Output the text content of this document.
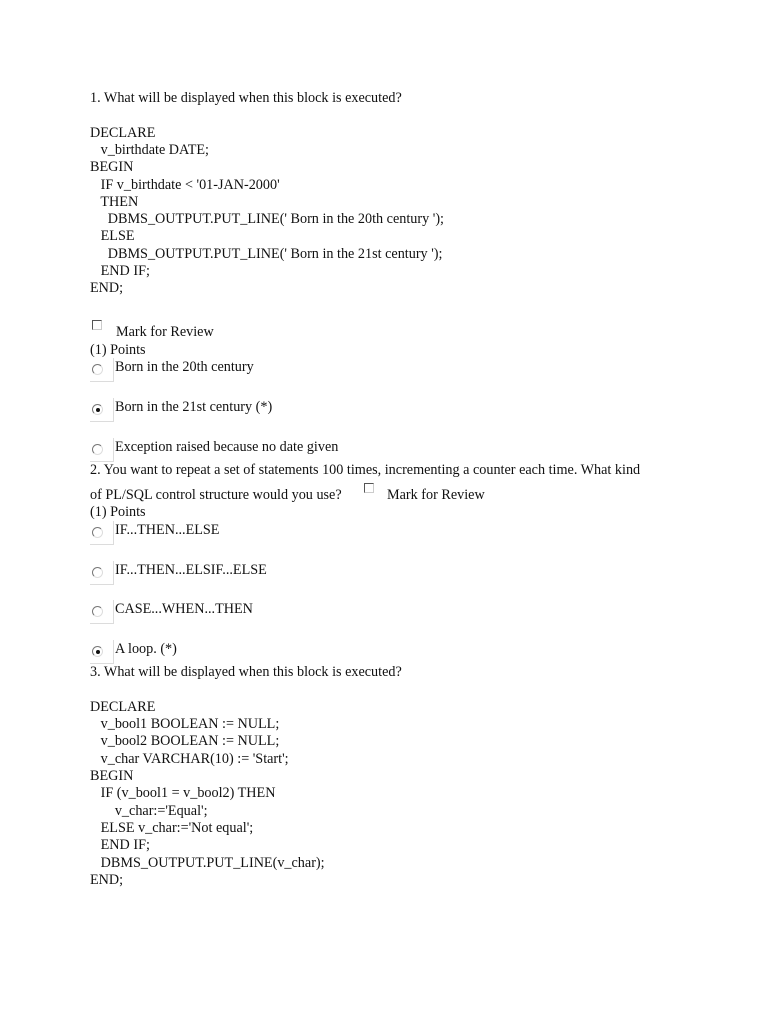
1. What will be displayed when this block is executed?
DECLARE
v_birthdate DATE;
BEGIN
IF v_birthdate < '01-JAN-2000'
THEN
DBMS_OUTPUT.PUT_LINE(' Born in the 20th century ');
ELSE
DBMS_OUTPUT.PUT_LINE(' Born in the 21st century ');
END IF;
END;
Mark for Review
(1) Points
Born in the 20th century
Born in the 21st century (*)
Exception raised because no date given
2. You want to repeat a set of statements 100 times, incrementing a counter each time. What kind
of PL/SQL control structure would you use?	Mark for Review
(1) Points
IF...THEN...ELSE
IF...THEN...ELSIF...ELSE
CASE...WHEN...THEN
A loop. (*)
3. What will be displayed when this block is executed?
DECLARE
v_bool1 BOOLEAN := NULL;
v_bool2 BOOLEAN := NULL;
v_char VARCHAR(10) := 'Start';
BEGIN
IF (v_bool1 = v_bool2) THEN
v_char:='Equal';
ELSE v_char:='Not equal';
END IF;
DBMS_OUTPUT.PUT_LINE(v_char);
END;
